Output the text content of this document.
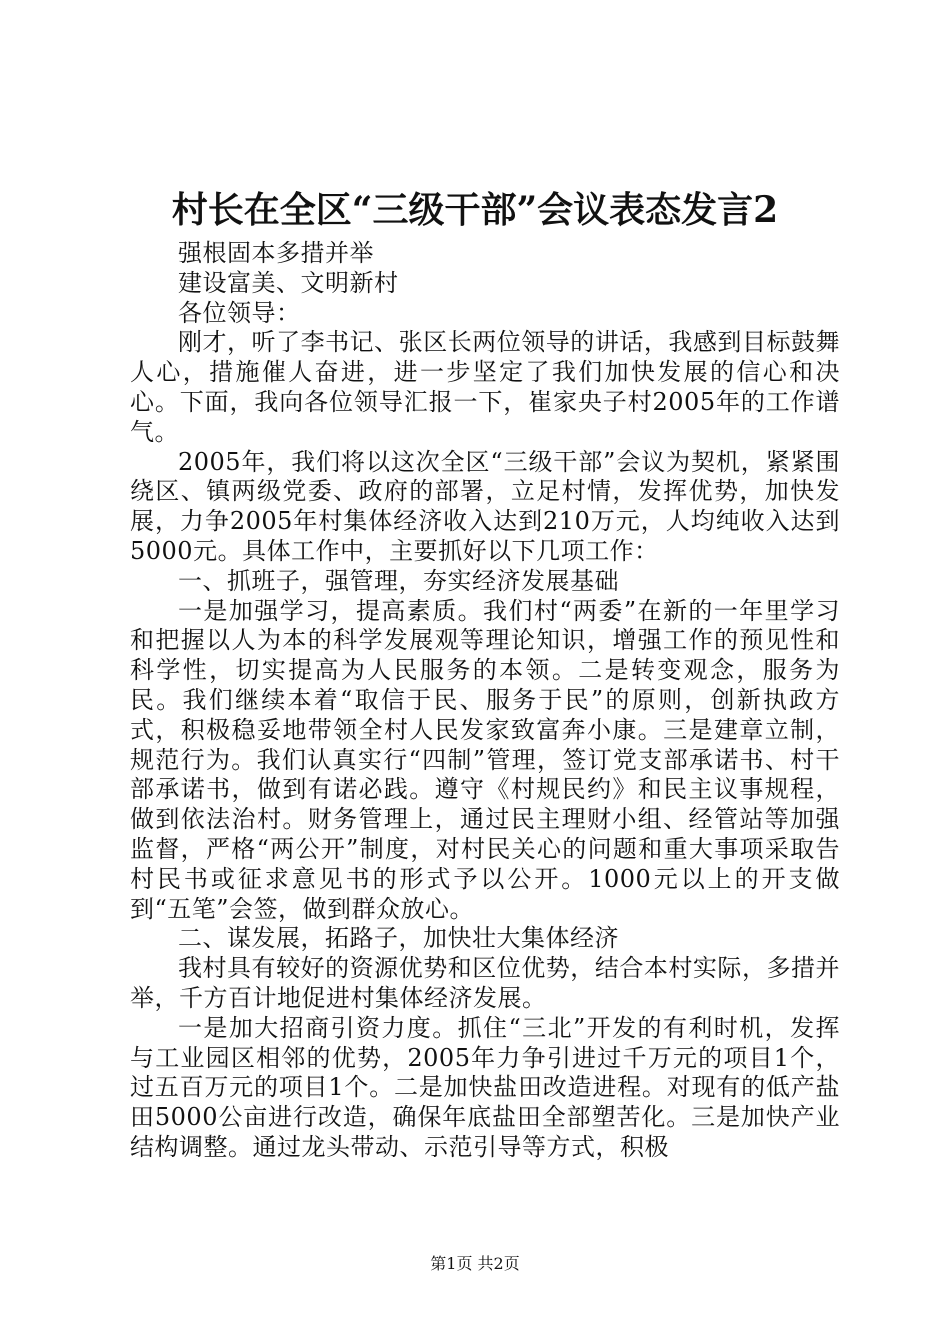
村长在全区“三级干部”会议表态发言2

强根固本多措并举

建设富美、文明新村

各位领导：

刚才，听了李书记、张区长两位领导的讲话，我感到目标鼓舞人心，措施催人奋进，进一步坚定了我们加快发展的信心和决心。下面，我向各位领导汇报一下，崔家央子村2005年的工作谱气。

2005年，我们将以这次全区“三级干部”会议为契机，紧紧围绕区、镇两级党委、政府的部署，立足村情，发挥优势，加快发展，力争2005年村集体经济收入达到210万元，人均纯收入达到5000元。具体工作中，主要抓好以下几项工作：

一、抓班子，强管理，夯实经济发展基础

一是加强学习，提高素质。我们村“两委”在新的一年里学习和把握以人为本的科学发展观等理论知识，增强工作的预见性和科学性，切实提高为人民服务的本领。二是转变观念，服务为民。我们继续本着“取信于民、服务于民”的原则，创新执政方式，积极稳妥地带领全村人民发家致富奔小康。三是建章立制，规范行为。我们认真实行“四制”管理，签订党支部承诺书、村干部承诺书，做到有诺必践。遵守《村规民约》和民主议事规程，做到依法治村。财务管理上，通过民主理财小组、经管站等加强监督，严格“两公开”制度，对村民关心的问题和重大事项采取告村民书或征求意见书的形式予以公开。1000元以上的开支做到“五笔”会签，做到群众放心。

二、谋发展，拓路子，加快壮大集体经济

我村具有较好的资源优势和区位优势，结合本村实际，多措并举，千方百计地促进村集体经济发展。

一是加大招商引资力度。抓住“三北”开发的有利时机，发挥与工业园区相邻的优势，2005年力争引进过千万元的项目1个，过五百万元的项目1个。二是加快盐田改造进程。对现有的低产盐田5000公亩进行改造，确保年底盐田全部塑苦化。三是加快产业结构调整。通过龙头带动、示范引导等方式，积极

第1页 共2页
